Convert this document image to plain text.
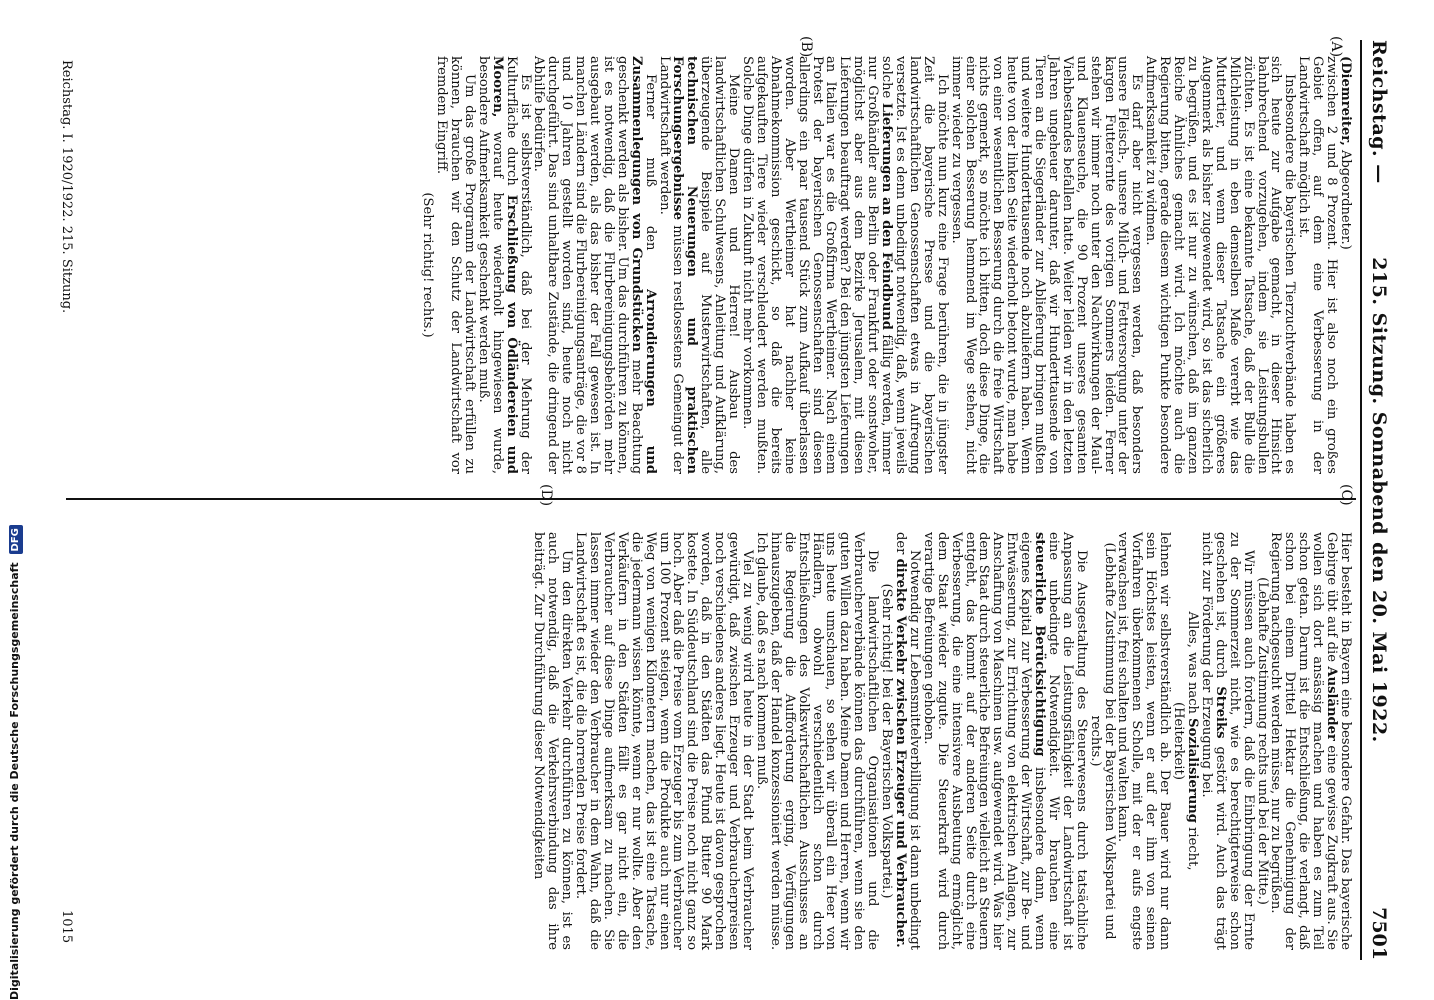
Reichstag. —
215. Sitzung. Sonnabend den 20. Mai 1922.
7501
(A)
(B)
(C)
(D)

(Diemreiter, Abgeordneter.)

zwischen 2 und 8 Prozent. Hier ist also noch ein großes Gebiet offen, auf dem eine Verbesserung in der Landwirtschaft möglich ist.

Insbesondere die bayerischen Tierzuchtverbände haben es sich heute zur Aufgabe gemacht, in dieser Hinsicht bahnbrechend vorzugehen, indem sie Leistungsbullen züchten. Es ist eine bekannte Tatsache, daß der Bulle die Milchleistung in eben demselben Maße vererbt wie das Muttertier, und wenn dieser Tatsache ein größeres Augenmerk als bisher zugewendet wird, so ist das sicherlich zu begrüßen, und es ist nur zu wünschen, daß im ganzen Reiche Ähnliches gemacht wird. Ich möchte auch die Regierung bitten, gerade diesem wichtigen Punkte besondere Aufmerksamkeit zu widmen.

Es darf aber nicht vergessen werden, daß besonders unsere Fleisch-, unsere Milch- und Fettversorgung unter der kargen Futterernte des vorigen Sommers leiden. Ferner stehen wir immer noch unter den Nachwirkungen der Maul- und Klauenseuche, die 90 Prozent unseres gesamten Viehbestandes befallen hatte. Weiter leiden wir in den letzten Jahren ungeheuer darunter, daß wir Hunderttausende von Tieren an die Siegerländer zur Ablieferung bringen mußten und weitere Hunderttausende noch abzuliefern haben. Wenn heute von der linken Seite wiederholt betont wurde, man habe von einer wesentlichen Besserung durch die freie Wirtschaft nichts gemerkt, so möchte ich bitten, doch diese Dinge, die einer solchen Besserung hemmend im Wege stehen, nicht immer wieder zu vergessen.

Ich möchte nun kurz eine Frage berühren, die in jüngster Zeit die bayerische Presse und die bayerischen landwirtschaftlichen Genossenschaften etwas in Aufregung versetzte. Ist es denn unbedingt notwendig, daß, wenn jeweils solche Lieferungen an den Feindbund fällig werden, immer nur Großhändler aus Berlin oder Frankfurt oder sonstwoher, möglichst aber aus dem Bezirke Jerusalem, mit diesen Lieferungen beauftragt werden? Bei den jüngsten Lieferungen an Italien war es die Großfirma Wertheimer. Nach einem Protest der bayerischen Genossenschaften sind diesen allerdings ein paar tausend Stück zum Aufkauf überlassen worden. Aber Wertheimer hat nachher keine Abnahmekommission geschickt, so daß die bereits aufgekauften Tiere wieder verschleudert werden mußten. Solche Dinge dürfen in Zukunft nicht mehr vorkommen.

Meine Damen und Herren! Ausbau des landwirtschaftlichen Schulwesens, Anleitung und Aufklärung, überzeugende Beispiele auf Musterwirtschaften, alle technischen Neuerungen und praktischen Forschungsergebnisse müssen restlosestens Gemeingut der Landwirtschaft werden.

Ferner muß den Arrondierungen und Zusammenlegungen von Grundstücken mehr Beachtung geschenkt werden als bisher. Um das durchführen zu können, ist es notwendig, daß die Flurbereinigungsbehörden mehr ausgebaut werden, als das bisher der Fall gewesen ist. In manchen Ländern sind die Flurbereinigungsanträge, die vor 8 und 10 Jahren gestellt worden sind, heute noch nicht durchgeführt. Das sind unhaltbare Zustände, die dringend der Abhilfe bedürfen.

Es ist selbstverständlich, daß bei der Mehrung der Kulturfläche durch Erschließung von Ödländereien und Mooren, worauf heute wiederholt hingewiesen wurde, besondere Aufmerksamkeit geschenkt werden muß.

Um das große Programm der Landwirtschaft erfüllen zu können, brauchen wir den Schutz der Landwirtschaft vor fremdem Eingriff.

(Sehr richtig! rechts.)

Hier besteht in Bayern eine besondere Gefahr. Das bayerische Gebirge übt auf die Ausländer eine gewisse Zugkraft aus. Sie wollen sich dort ansässig machen und haben es zum Teil schon getan. Darum ist die Entschließung, die verlangt, daß schon bei einem Drittel Hektar die Genehmigung der Regierung nachgesucht werden müsse, nur zu begrüßen.

(Lebhafte Zustimmung rechts und bei der Mitte.)

Wir müssen auch fordern, daß die Einbringung der Ernte zu der Sommerzeit nicht, wie es berechtigterweise schon geschehen ist, durch Streiks gestört wird. Auch das trägt nicht zur Förderung der Erzeugung bei.

Alles, was nach Sozialisierung riecht,

(Heiterkeit)

lehnen wir selbstverständlich ab. Der Bauer wird nur dann sein Höchstes leisten, wenn er auf der ihm von seinen Vorfahren überkommenen Scholle, mit der er aufs engste verwachsen ist, frei schalten und walten kann.

(Lebhafte Zustimmung bei der Bayerischen Volkspartei und rechts.)

Die Ausgestaltung des Steuerwesens durch tatsächliche Anpassung an die Leistungsfähigkeit der Landwirtschaft ist eine unbedingte Notwendigkeit. Wir brauchen eine steuerliche Berücksichtigung insbesondere dann, wenn eigenes Kapital zur Verbesserung der Wirtschaft, zur Be- und Entwässerung, zur Errichtung von elektrischen Anlagen, zur Anschaffung von Maschinen usw. aufgewendet wird. Was hier dem Staat durch steuerliche Befreiungen vielleicht an Steuern entgeht, das kommt auf der anderen Seite durch eine Verbesserung, die eine intensivere Ausbeutung ermöglicht, dem Staat wieder zugute. Die Steuerkraft wird durch verartige Befreiungen gehoben.

Notwendig zur Lebensmittelverbilligung ist dann unbedingt der direkte Verkehr zwischen Erzeuger und Verbraucher.

(Sehr richtig! bei der Bayerischen Volkspartei.)

Die landwirtschaftlichen Organisationen und die Verbraucherverbände können das durchführen, wenn sie den guten Willen dazu haben. Meine Damen und Herren, wenn wir uns heute umschauen, so sehen wir überall ein Heer von Händlern, obwohl verschiedentlich schon durch Entschließungen des Volkswirtschaftlichen Ausschusses an die Regierung die Aufforderung erging, Verfügungen hinauszugeben, daß der Handel konzessioniert werden müsse. Ich glaube, daß es nach kommen muß.

Viel zu wenig wird heute in der Stadt beim Verbraucher gewürdigt, daß zwischen Erzeuger und Verbraucherpreisen noch verschiedenes anderes liegt. Heute ist davon gesprochen worden, daß in den Städten das Pfund Butter 90 Mark kostete. In Süddeutschland sind die Preise noch nicht ganz so hoch. Aber daß die Preise vom Erzeuger bis zum Verbraucher um 100 Prozent steigen, wenn die Produkte auch nur einen Weg von wenigen Kilometern machen, das ist eine Tatsache, die jedermann wissen könnte, wenn er nur wollte. Aber den Verkäufern in den Städten fällt es gar nicht ein, die Verbraucher auf diese Dinge aufmerksam zu machen. Sie lassen immer wieder den Verbraucher in dem Wahn, daß die Landwirtschaft es ist, die die horrenden Preise fordert.

Um den direkten Verkehr durchführen zu können, ist es auch notwendig, daß die Verkehrsverbindung das ihre beiträgt. Zur Durchführung dieser Notwendigkeiten

Reichstag. I. 1920/1922. 215. Sitzung.
1015
Digitalisierung gefördert durch die Deutsche Forschungsgemeinschaft DFG
